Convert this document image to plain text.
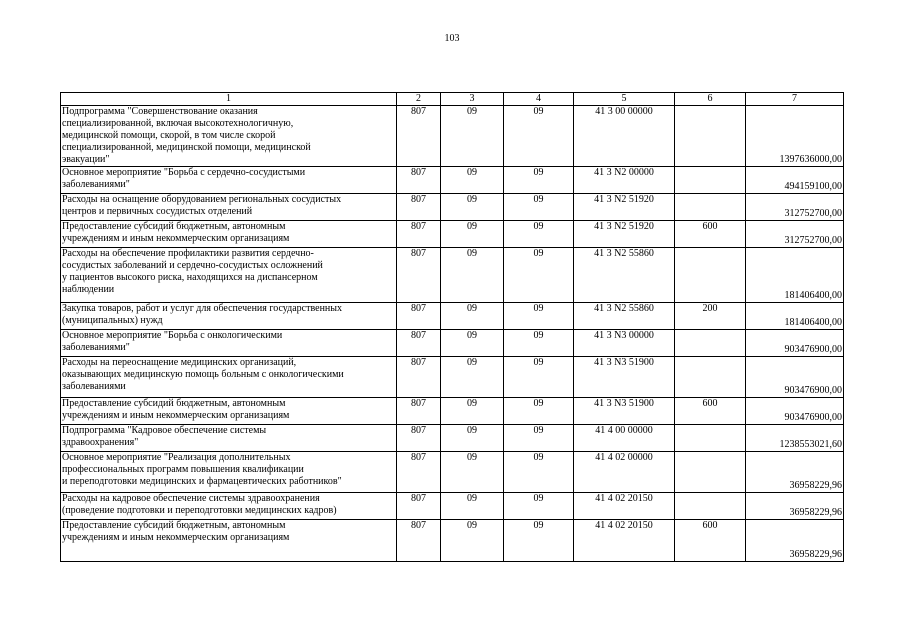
103
1	2	3	4	5	6	7

Подпрограмма "Совершенствование оказания
специализированной, включая высокотехнологичную,
медицинской помощи, скорой, в том числе скорой
специализированной, медицинской помощи, медицинской
эвакуации"	807	09	09	41 3 00 00000		1397636000,00

Основное мероприятие "Борьба с сердечно-сосудистыми
заболеваниями"	807	09	09	41 3 N2 00000		494159100,00

Расходы на оснащение оборудованием региональных сосудистых
центров и первичных сосудистых отделений	807	09	09	41 3 N2 51920		312752700,00

Предоставление субсидий бюджетным, автономным
учреждениям и иным некоммерческим организациям	807	09	09	41 3 N2 51920	600	312752700,00

Расходы на обеспечение профилактики развития сердечно-
сосудистых заболеваний и сердечно-сосудистых осложнений
у пациентов высокого риска, находящихся на диспансерном
наблюдении	807	09	09	41 3 N2 55860		181406400,00

Закупка товаров, работ и услуг для обеспечения государственных
(муниципальных) нужд	807	09	09	41 3 N2 55860	200	181406400,00

Основное мероприятие "Борьба с онкологическими
заболеваниями"	807	09	09	41 3 N3 00000		903476900,00

Расходы на переоснащение медицинских организаций,
оказывающих медицинскую помощь больным с онкологическими
заболеваниями	807	09	09	41 3 N3 51900		903476900,00

Предоставление субсидий бюджетным, автономным
учреждениям и иным некоммерческим организациям	807	09	09	41 3 N3 51900	600	903476900,00

Подпрограмма "Кадровое обеспечение системы
здравоохранения"	807	09	09	41 4 00 00000		1238553021,60

Основное мероприятие "Реализация дополнительных
профессиональных программ повышения квалификации
и переподготовки медицинских и фармацевтических работников"	807	09	09	41 4 02 00000		36958229,96

Расходы на кадровое обеспечение системы здравоохранения
(проведение подготовки и переподготовки медицинских кадров)	807	09	09	41 4 02 20150		36958229,96

Предоставление субсидий бюджетным, автономным
учреждениям и иным некоммерческим организациям	807	09	09	41 4 02 20150	600	36958229,96
